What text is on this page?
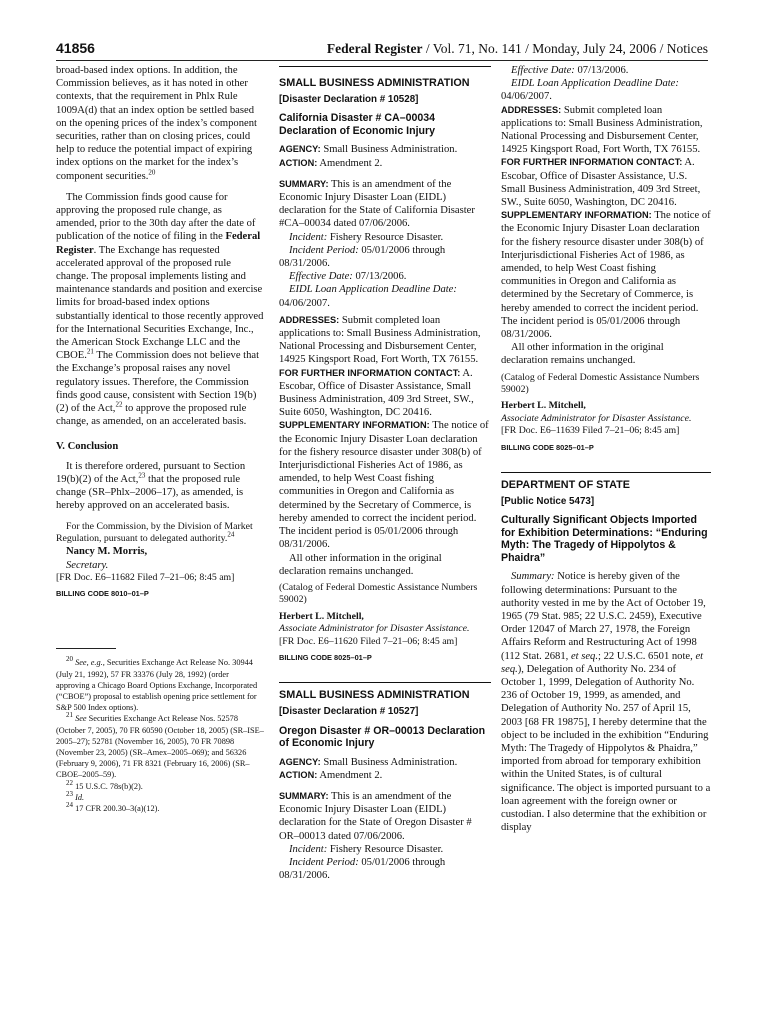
41856	Federal Register / Vol. 71, No. 141 / Monday, July 24, 2006 / Notices

broad-based index options. In addition, the Commission believes, as it has noted in other contexts, that the requirement in Phlx Rule 1009A(d) that an index option be settled based on the opening prices of the index’s component securities, rather than on closing prices, could help to reduce the potential impact of expiring index options on the market for the index’s component securities.$^{20}$

The Commission finds good cause for approving the proposed rule change, as amended, prior to the 30th day after the date of publication of the notice of filing in the Federal Register. The Exchange has requested accelerated approval of the proposed rule change. The proposal implements listing and maintenance standards and position and exercise limits for broad-based index options substantially identical to those recently approved for the International Securities Exchange, Inc., the American Stock Exchange LLC and the CBOE.$^{21}$ The Commission does not believe that the Exchange’s proposal raises any novel regulatory issues. Therefore, the Commission finds good cause, consistent with Section 19(b)(2) of the Act,$^{22}$ to approve the proposed rule change, as amended, on an accelerated basis.

V. Conclusion

It is therefore ordered, pursuant to Section 19(b)(2) of the Act,$^{23}$ that the proposed rule change (SR–Phlx–2006–17), as amended, is hereby approved on an accelerated basis.

For the Commission, by the Division of Market Regulation, pursuant to delegated authority.$^{24}$

Nancy M. Morris,

Secretary.

[FR Doc. E6–11682 Filed 7–21–06; 8:45 am]

BILLING CODE 8010–01–P

$^{20}$ See, e.g., Securities Exchange Act Release No. 30944 (July 21, 1992), 57 FR 33376 (July 28, 1992) (order approving a Chicago Board Options Exchange, Incorporated (“CBOE”) proposal to establish opening price settlement for S&P 500 Index options).

$^{21}$ See Securities Exchange Act Release Nos. 52578 (October 7, 2005), 70 FR 60590 (October 18, 2005) (SR–ISE–2005–27); 52781 (November 16, 2005), 70 FR 70898 (November 23, 2005) (SR–Amex–2005–069); and 56326 (February 9, 2006), 71 FR 8321 (February 16, 2006) (SR–CBOE–2005–59).

$^{22}$ 15 U.S.C. 78s(b)(2).

$^{23}$ Id.

$^{24}$ 17 CFR 200.30–3(a)(12).

SMALL BUSINESS ADMINISTRATION

[Disaster Declaration # 10528]

California Disaster # CA–00034 Declaration of Economic Injury

AGENCY: Small Business Administration.

ACTION: Amendment 2.

SUMMARY: This is an amendment of the Economic Injury Disaster Loan (EIDL) declaration for the State of California Disaster #CA–00034 dated 07/06/2006.

Incident: Fishery Resource Disaster.

Incident Period: 05/01/2006 through 08/31/2006.

Effective Date: 07/13/2006.

EIDL Loan Application Deadline Date: 04/06/2007.

ADDRESSES: Submit completed loan applications to: Small Business Administration, National Processing and Disbursement Center, 14925 Kingsport Road, Fort Worth, TX 76155.

FOR FURTHER INFORMATION CONTACT: A. Escobar, Office of Disaster Assistance, Small Business Administration, 409 3rd Street, SW., Suite 6050, Washington, DC 20416.

SUPPLEMENTARY INFORMATION: The notice of the Economic Injury Disaster Loan declaration for the fishery resource disaster under 308(b) of Interjurisdictional Fisheries Act of 1986, as amended, to help West Coast fishing communities in Oregon and California as determined by the Secretary of Commerce, is hereby amended to correct the incident period. The incident period is 05/01/2006 through 08/31/2006.

All other information in the original declaration remains unchanged.

(Catalog of Federal Domestic Assistance Numbers 59002)

Herbert L. Mitchell,

Associate Administrator for Disaster Assistance.

[FR Doc. E6–11620 Filed 7–21–06; 8:45 am]

BILLING CODE 8025–01–P

SMALL BUSINESS ADMINISTRATION

[Disaster Declaration # 10527]

Oregon Disaster # OR–00013 Declaration of Economic Injury

AGENCY: Small Business Administration.

ACTION: Amendment 2.

SUMMARY: This is an amendment of the Economic Injury Disaster Loan (EIDL) declaration for the State of Oregon Disaster # OR–00013 dated 07/06/2006.

Incident: Fishery Resource Disaster.

Incident Period: 05/01/2006 through 08/31/2006.

Effective Date: 07/13/2006.

EIDL Loan Application Deadline Date: 04/06/2007.

ADDRESSES: Submit completed loan applications to: Small Business Administration, National Processing and Disbursement Center, 14925 Kingsport Road, Fort Worth, TX 76155.

FOR FURTHER INFORMATION CONTACT: A. Escobar, Office of Disaster Assistance, U.S. Small Business Administration, 409 3rd Street, SW., Suite 6050, Washington, DC 20416.

SUPPLEMENTARY INFORMATION: The notice of the Economic Injury Disaster Loan declaration for the fishery resource disaster under 308(b) of Interjurisdictional Fisheries Act of 1986, as amended, to help West Coast fishing communities in Oregon and California as determined by the Secretary of Commerce, is hereby amended to correct the incident period. The incident period is 05/01/2006 through 08/31/2006.

All other information in the original declaration remains unchanged.

(Catalog of Federal Domestic Assistance Numbers 59002)

Herbert L. Mitchell,

Associate Administrator for Disaster Assistance.

[FR Doc. E6–11639 Filed 7–21–06; 8:45 am]

BILLING CODE 8025–01–P

DEPARTMENT OF STATE

[Public Notice 5473]

Culturally Significant Objects Imported for Exhibition Determinations: “Enduring Myth: The Tragedy of Hippolytos & Phaidra”

Summary: Notice is hereby given of the following determinations: Pursuant to the authority vested in me by the Act of October 19, 1965 (79 Stat. 985; 22 U.S.C. 2459), Executive Order 12047 of March 27, 1978, the Foreign Affairs Reform and Restructuring Act of 1998 (112 Stat. 2681, et seq.; 22 U.S.C. 6501 note, et seq.), Delegation of Authority No. 234 of October 1, 1999, Delegation of Authority No. 236 of October 19, 1999, as amended, and Delegation of Authority No. 257 of April 15, 2003 [68 FR 19875], I hereby determine that the object to be included in the exhibition “Enduring Myth: The Tragedy of Hippolytos & Phaidra,” imported from abroad for temporary exhibition within the United States, is of cultural significance. The object is imported pursuant to a loan agreement with the foreign owner or custodian. I also determine that the exhibition or display
